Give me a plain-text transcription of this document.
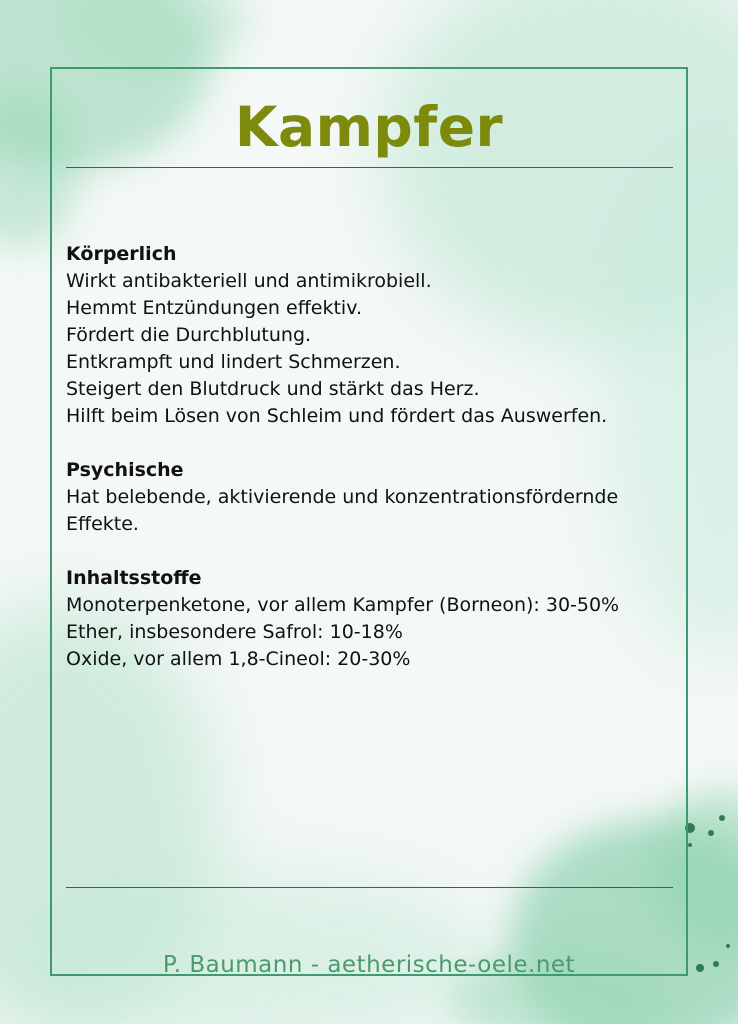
Kampfer
Körperlich

Wirkt antibakteriell und antimikrobiell.

Hemmt Entzündungen effektiv.

Fördert die Durchblutung.

Entkrampft und lindert Schmerzen.

Steigert den Blutdruck und stärkt das Herz.

Hilft beim Lösen von Schleim und fördert das Auswerfen.

Psychische

Hat belebende, aktivierende und konzentrationsfördernde

Effekte.

Inhaltsstoffe

Monoterpenketone, vor allem Kampfer (Borneon): 30-50%

Ether, insbesondere Safrol: 10-18%

Oxide, vor allem 1,8-Cineol: 20-30%

P. Baumann - aetherische-oele.net
